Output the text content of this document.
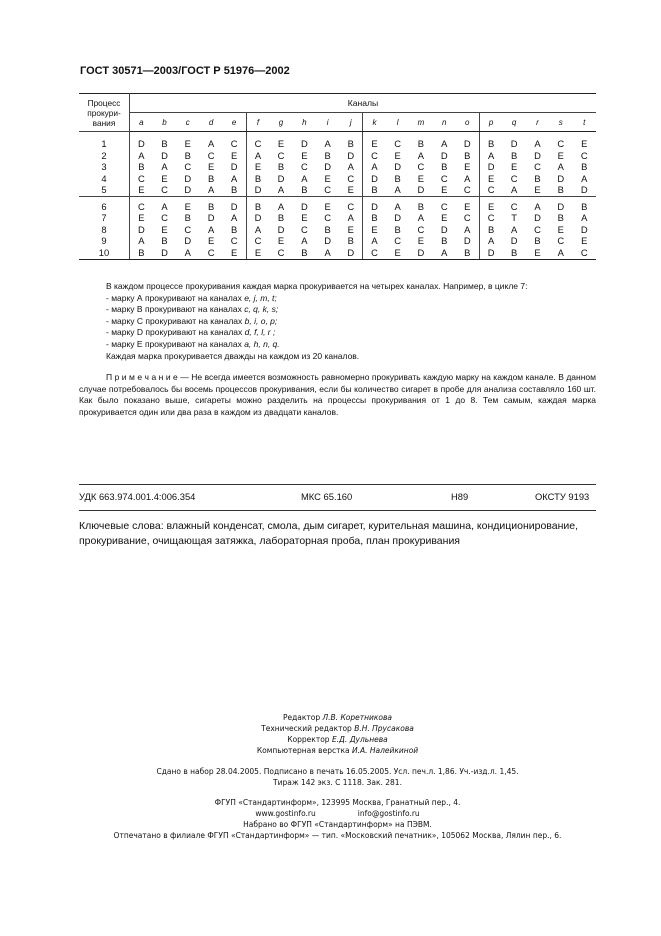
ГОСТ 30571—2003/ГОСТ Р 51976—2002
Процесс
прокури-
вания	Каналы																			
	a	b	c	d	e	f	g	h	i	j	k	l	m	n	o	p	q	r	s	t
1	D	B	E	A	C	C	E	D	A	B	E	C	B	A	D	B	D	A	C	E
2	A	D	B	C	E	A	C	E	B	D	C	E	A	D	B	A	B	D	E	C
3	B	A	C	E	D	E	B	C	D	A	A	D	C	B	E	D	E	C	A	B
4	C	E	D	B	A	B	D	A	E	C	D	B	E	C	A	E	C	B	D	A
5	E	C	D	A	B	D	A	B	C	E	B	A	D	E	C	C	A	E	B	D
6	C	A	E	B	D	B	A	D	E	C	D	A	B	C	E	E	C	A	D	B
7	E	C	B	D	A	D	B	E	C	A	B	D	A	E	C	C	T	D	B	A
8	D	E	C	A	B	A	D	C	B	E	E	B	C	D	A	B	A	C	E	D
9	A	B	D	E	C	C	E	A	D	B	A	C	E	B	D	A	D	B	C	E
10	B	D	A	C	E	E	C	B	A	D	C	E	D	A	B	D	B	E	A	C
В каждом процессе прокуривания каждая марка прокуривается на четырех каналах. Например, в цикле 7:
- марку А прокуривают на каналах e, j, m, t;
- марку В прокуривают на каналах c, q, k, s;
- марку С прокуривают на каналах b, i, o, p;
- марку D прокуривают на каналах d, f, l, r ;
- марку Е прокуривают на каналах a, h, n, q.
Каждая марка прокуривается дважды на каждом из 20 каналов.
П р и м е ч а н и е — Не всегда имеется возможность равномерно прокуривать каждую марку на каждом канале. В данном случае потребовалось бы восемь процессов прокуривания, если бы количество сигарет в пробе для анализа составляло 160 шт. Как было показано выше, сигареты можно разделить на процессы прокуривания от 1 до 8. Тем самым, каждая марка прокуривается один или два раза в каждом из двадцати каналов.
УДК 663.974.001.4:006.354	МКС 65.160	Н89	ОКСТУ 9193
Ключевые слова: влажный конденсат, смола, дым сигарет, курительная машина, кондиционирование, прокуривание, очищающая затяжка, лабораторная проба, план прокуривания
Редактор Л.В. Коретникова
Технический редактор В.Н. Прусакова
Корректор Е.Д. Дульнева
Компьютерная верстка И.А. Налейкиной
Сдано в набор 28.04.2005. Подписано в печать 16.05.2005. Усл. печ.л. 1,86. Уч.-изд.л. 1,45.
Тираж 142 экз. С 1118. Зак. 281.
ФГУП «Стандартинформ», 123995 Москва, Гранатный пер., 4.
www.gostinfo.ru	info@gostinfo.ru
Набрано во ФГУП «Стандартинформ» на ПЭВМ.
Отпечатано в филиале ФГУП «Стандартинформ» — тип. «Московский печатник», 105062 Москва, Лялин пер., 6.
